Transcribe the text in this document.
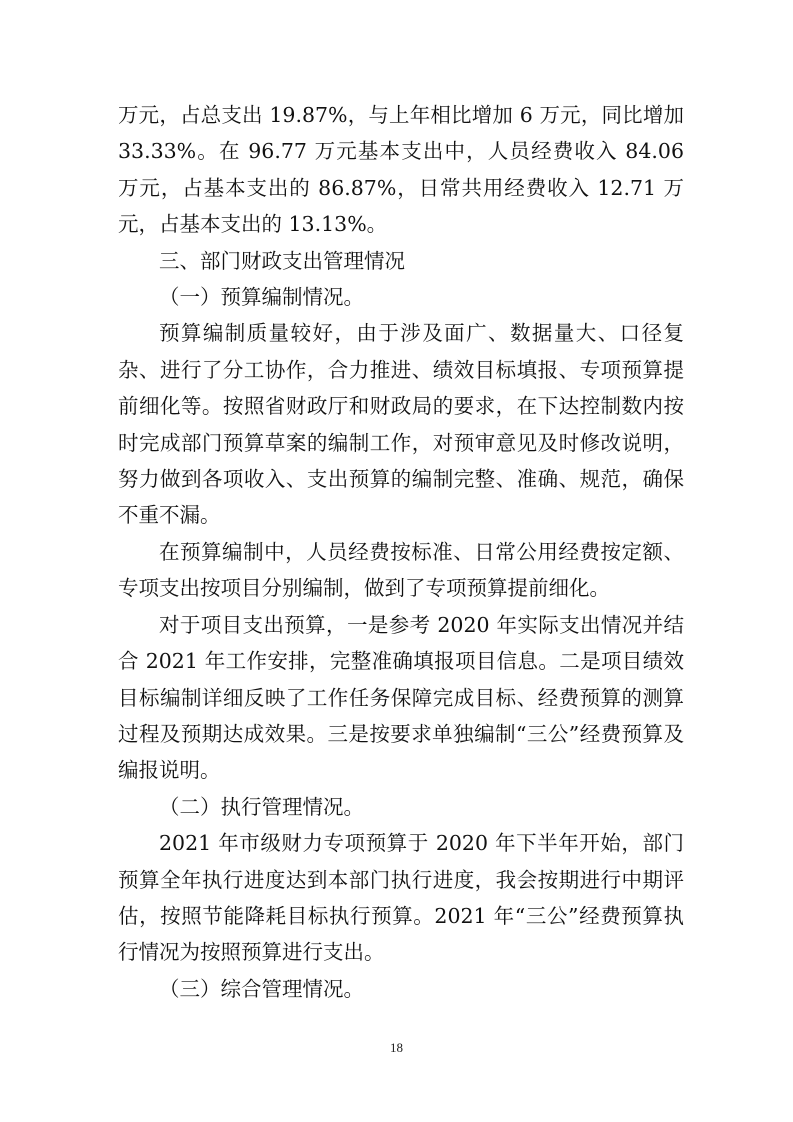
万元，占总支出 19.87%，与上年相比增加 6 万元，同比增加 33.33%。在 96.77 万元基本支出中，人员经费收入 84.06 万元，占基本支出的 86.87%，日常共用经费收入 12.71 万元，占基本支出的 13.13%。

三、部门财政支出管理情况

（一）预算编制情况。

预算编制质量较好，由于涉及面广、数据量大、口径复杂、进行了分工协作，合力推进、绩效目标填报、专项预算提前细化等。按照省财政厅和财政局的要求，在下达控制数内按时完成部门预算草案的编制工作，对预审意见及时修改说明，努力做到各项收入、支出预算的编制完整、准确、规范，确保不重不漏。

在预算编制中，人员经费按标准、日常公用经费按定额、专项支出按项目分别编制，做到了专项预算提前细化。

对于项目支出预算，一是参考 2020 年实际支出情况并结合 2021 年工作安排，完整准确填报项目信息。二是项目绩效目标编制详细反映了工作任务保障完成目标、经费预算的测算过程及预期达成效果。三是按要求单独编制“三公”经费预算及编报说明。

（二）执行管理情况。

2021 年市级财力专项预算于 2020 年下半年开始，部门预算全年执行进度达到本部门执行进度，我会按期进行中期评估，按照节能降耗目标执行预算。2021 年“三公”经费预算执行情况为按照预算进行支出。

（三）综合管理情况。

18
